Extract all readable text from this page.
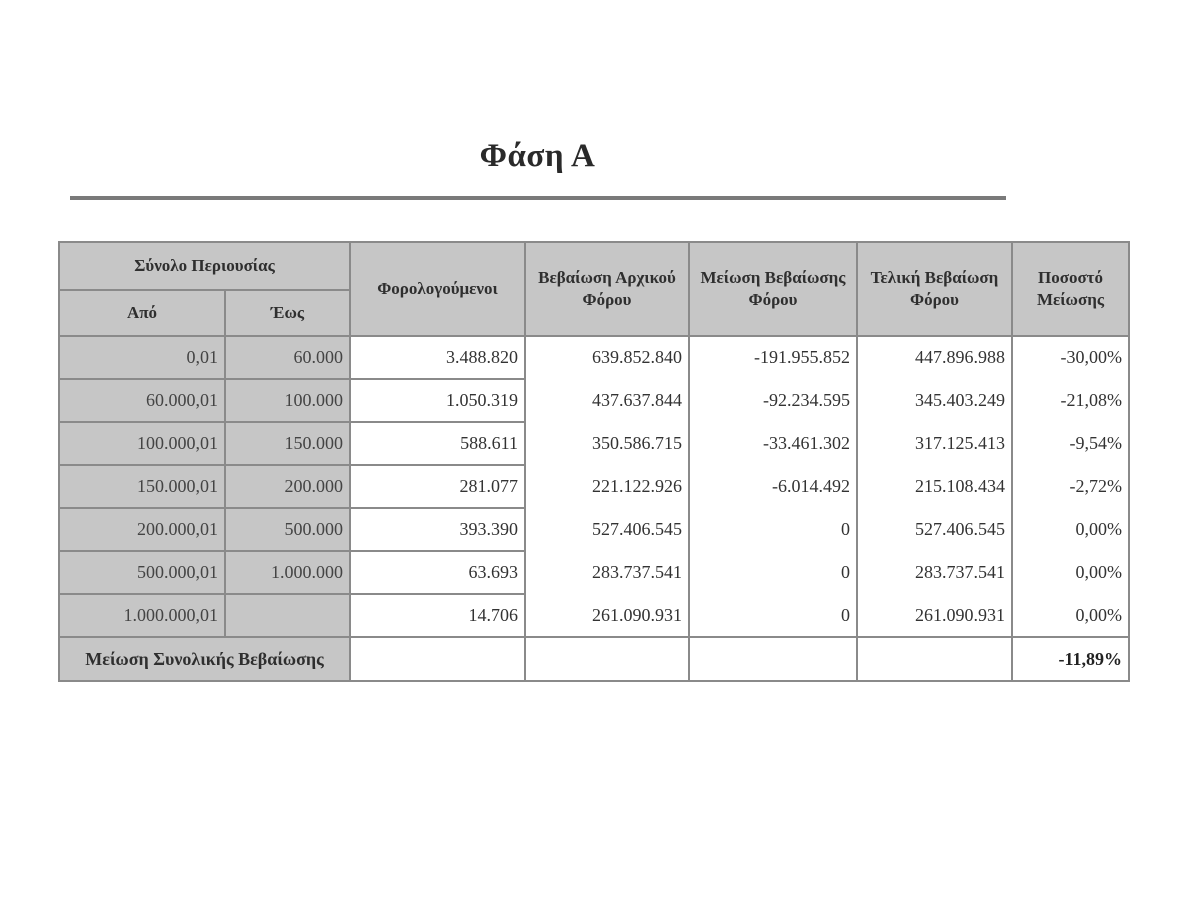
Φάση Α
Σύνολο Περιουσίας		Φορολογούμενοι	Βεβαίωση Αρχικού Φόρου	Μείωση Βεβαίωσης Φόρου	Τελική Βεβαίωση Φόρου	Ποσοστό Μείωσης
Από	Έως					
0,01	60.000	3.488.820	639.852.840	-191.955.852	447.896.988	-30,00%
60.000,01	100.000	1.050.319	437.637.844	-92.234.595	345.403.249	-21,08%
100.000,01	150.000	588.611	350.586.715	-33.461.302	317.125.413	-9,54%
150.000,01	200.000	281.077	221.122.926	-6.014.492	215.108.434	-2,72%
200.000,01	500.000	393.390	527.406.545	0	527.406.545	0,00%
500.000,01	1.000.000	63.693	283.737.541	0	283.737.541	0,00%
1.000.000,01		14.706	261.090.931	0	261.090.931	0,00%
Μείωση Συνολικής Βεβαίωσης						-11,89%
